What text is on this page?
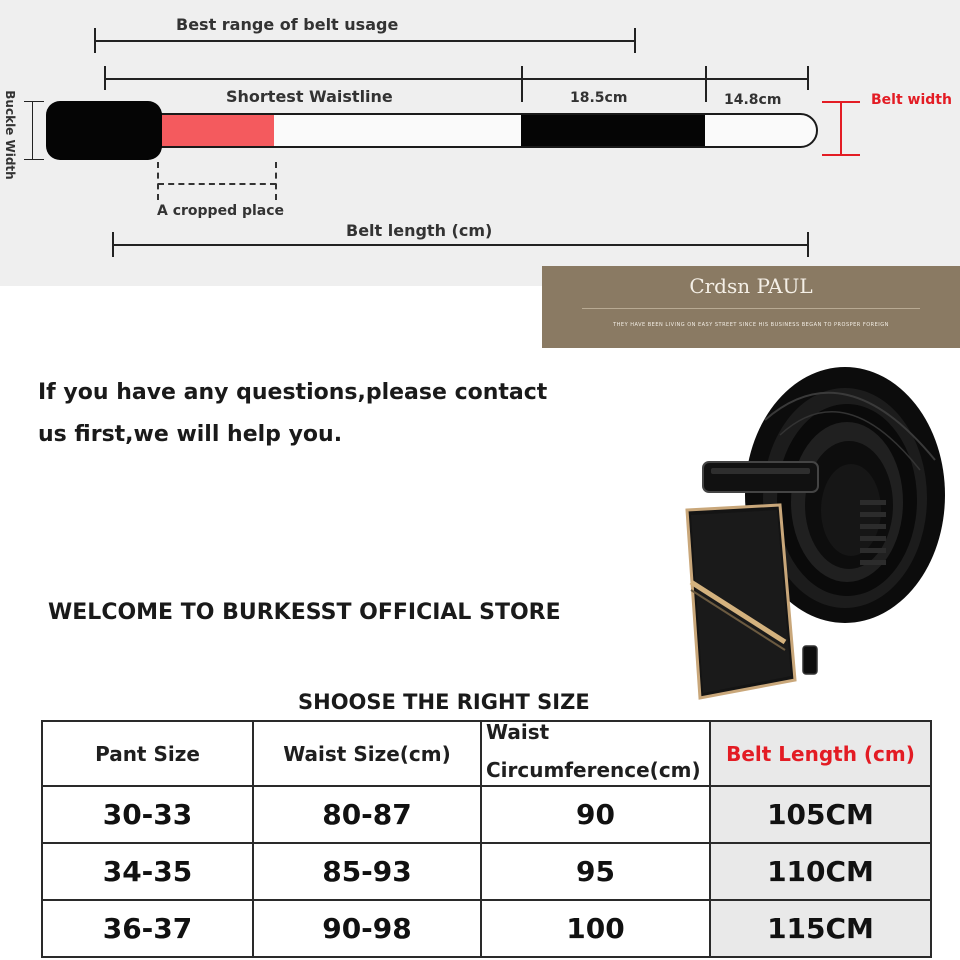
Best range of belt usage
Shortest Waistline	18.5cm	14.8cm
Buckle Width	Belt width
A cropped place
Belt length (cm)
Crdsn PAUL
THEY HAVE BEEN LIVING ON EASY STREET SINCE HIS BUSINESS BEGAN TO PROSPER FOREIGN
If you have any questions,please contact
us first,we will help you.
WELCOME TO BURKESST OFFICIAL STORE
SHOOSE THE RIGHT SIZE
Pant Size	Waist Size(cm)	Waist
Circumference(cm)	Belt Length (cm)
30-33	80-87	90	105CM
34-35	85-93	95	110CM
36-37	90-98	100	115CM
